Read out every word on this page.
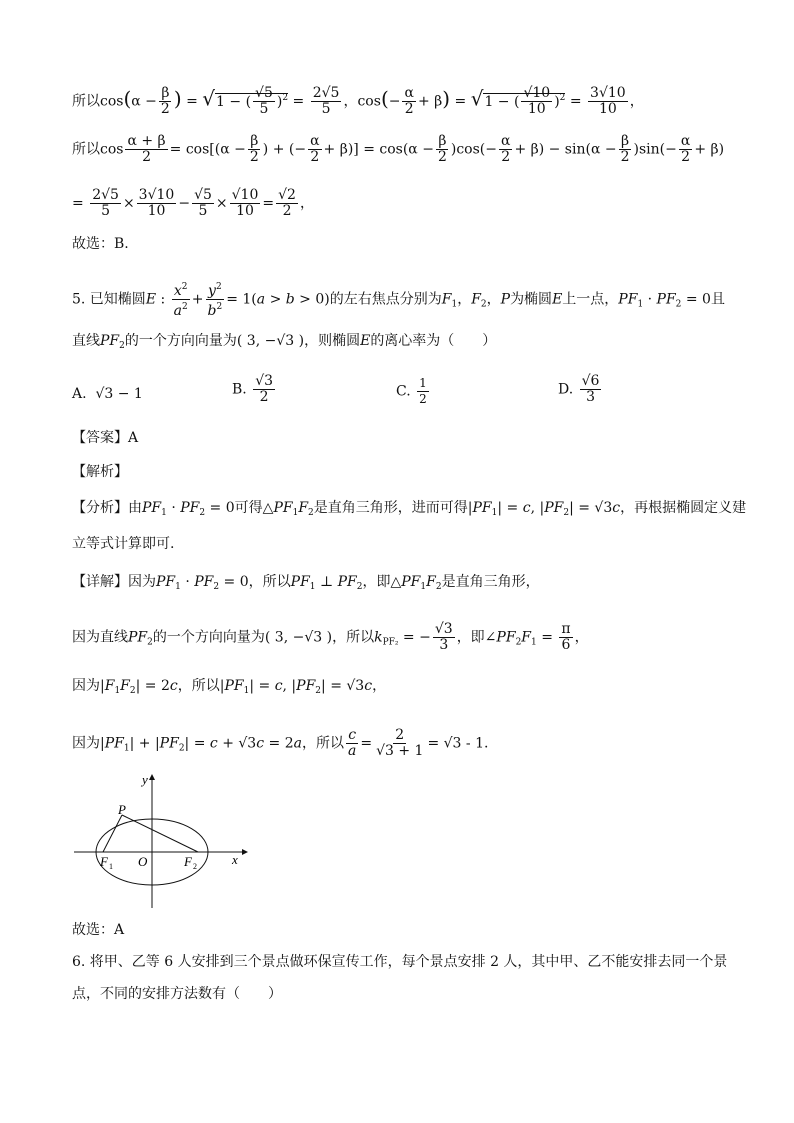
所以$\cos(\alpha - \frac{\beta}{2}$ ) = √1 − ( $\frac{√5}{5} )^2 = \frac{2√5}{5}$ ，$\cos(- \frac{\alpha}{2} + \beta) = √1$ − ( $\frac{√10}{10} )^2 = \frac{3√10}{10}$ ，
所以$\cos \frac{\alpha + \beta}{2} = \cos[(\alpha - \frac{\beta}{2}$ ) + (− $\frac{\alpha}{2} + \beta)] = \cos(\alpha - \frac{\beta}{2} )\cos(- \frac{\alpha}{2} + \beta) - \sin(\alpha - \frac{\beta}{2} )\sin(- \frac{\alpha}{2} + \beta)$
= $\frac{2√5}{5} \times \frac{3√10}{10} - \frac{√5}{5} \times \frac{√10}{10} = \frac{√2}{2}$ ，
故选：B.
5. 已知椭圆E : $\frac{x^2}{a^2} + \frac{y^2}{b^2} = 1(a > b > 0)$的左右焦点分别为$F_1$，$F_2$，P为椭圆E上一点，$PF_1 \cdot PF_2 = 0$且
直线$PF_2$的一个方向向量为( 3, −√3 )，则椭圆E的离心率为（　　）
A.  √3 − 1	B. $\frac{√3}{2}$	C. $\frac{1}{2}$	D. $\frac{√6}{3}$
【答案】A
【解析】
【分析】由$PF_1 \cdot PF_2 = 0$可得$\triangle PF_1F_2$是直角三角形，进而可得$|PF_1| = c$, $|PF_2| = √3c$，再根据椭圆定义建
立等式计算即可.
【详解】因为$PF_1 \cdot PF_2 = 0$，所以$PF_1$ ⊥ $PF_2$，即$\triangle PF_1F_2$是直角三角形，
因为直线$PF_2$的一个方向向量为( 3, −√3 )，所以$k_{PF_2}$ = − $\frac{√3}{3}$ ，即$\angle PF_2F_1 = \frac{\pi}{6}$ ，
因为$|F_1F_2| = 2c$，所以$|PF_1| = c$, $|PF_2| = √3c$，
因为$|PF_1| + |PF_2| = c + √3c = 2a$，所以 $\frac{c}{a} = \frac{2}{√3 + 1} = √3 - 1$.
y
x
P
O
F 1	F 2
故选：A
6. 将甲、乙等 6 人安排到三个景点做环保宣传工作，每个景点安排 2 人，其中甲、乙不能安排去同一个景
点，不同的安排方法数有（　　）
